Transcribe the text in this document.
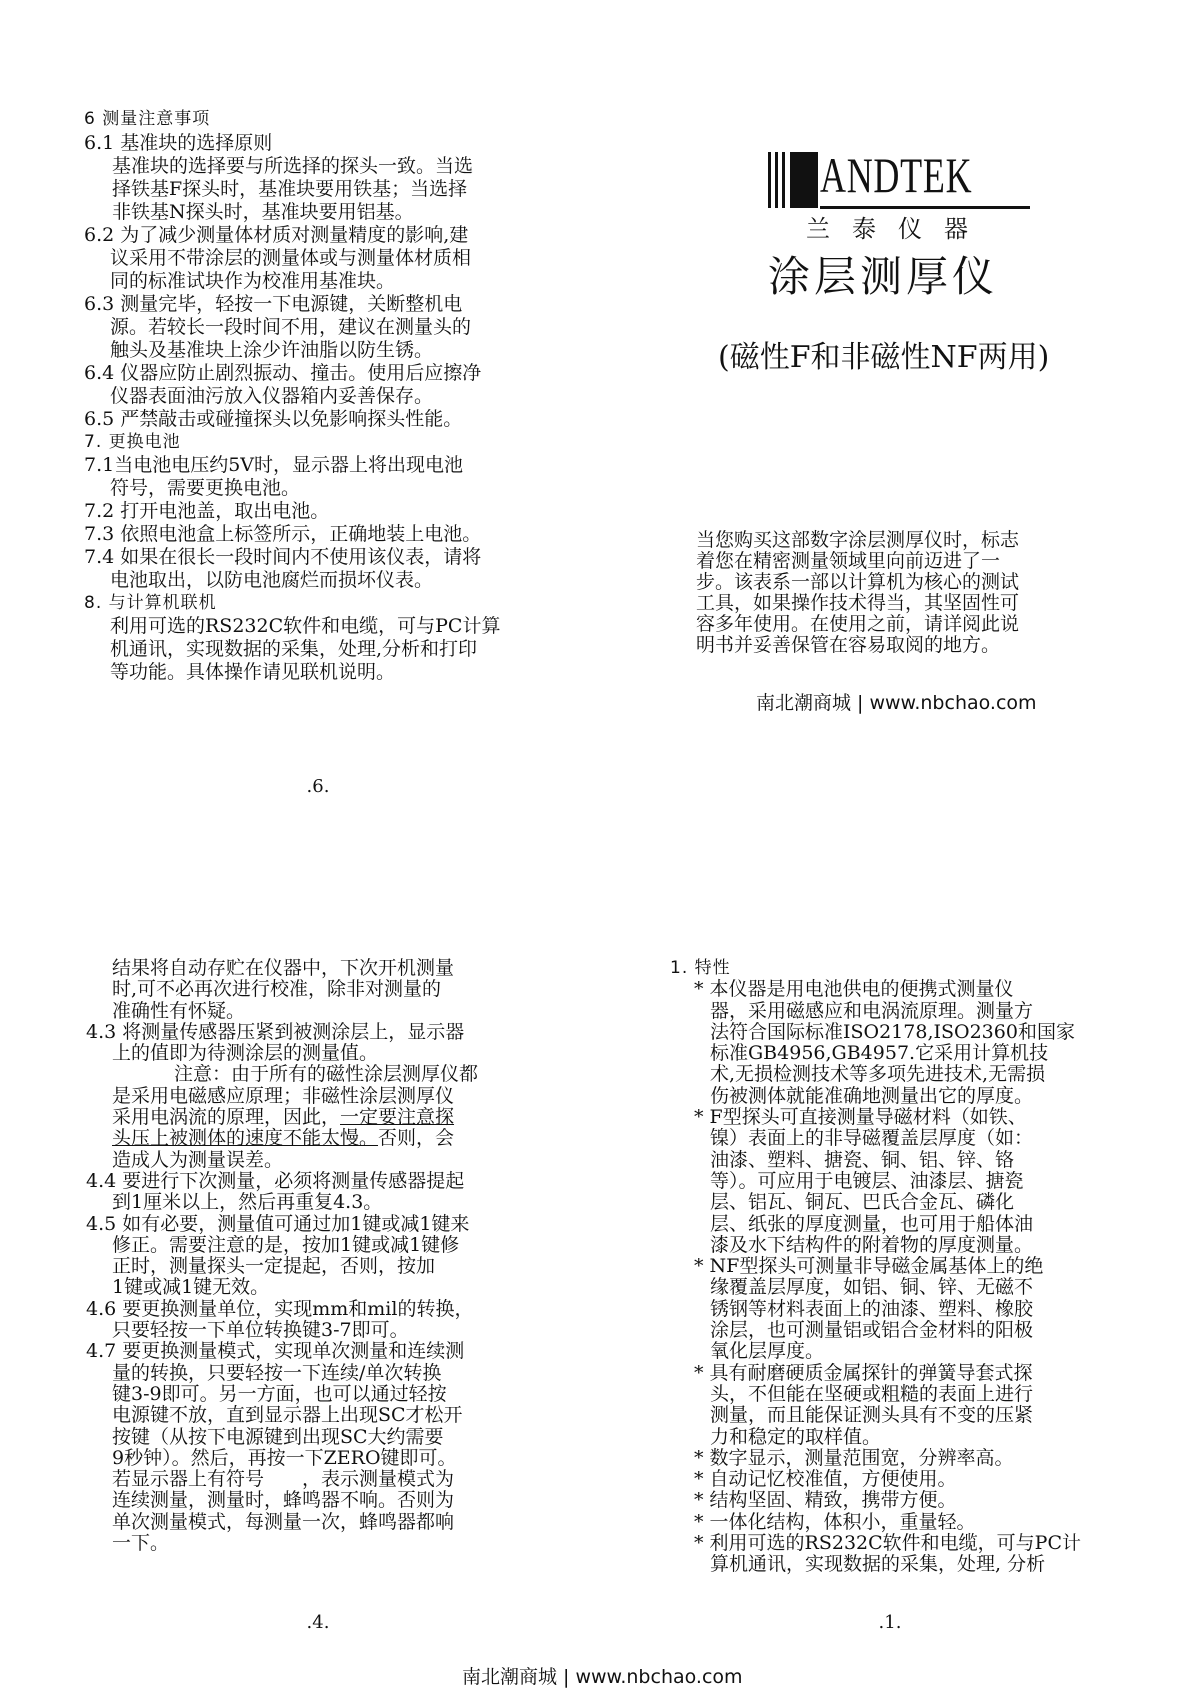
6 测量注意事项

6.1 基准块的选择原则

基准块的选择要与所选择的探头一致。当选

择铁基F探头时，基准块要用铁基；当选择

非铁基N探头时，基准块要用铝基。

6.2 为了减少测量体材质对测量精度的影响,建

议采用不带涂层的测量体或与测量体材质相

同的标准试块作为校准用基准块。

6.3 测量完毕，轻按一下电源键，关断整机电

源。若较长一段时间不用，建议在测量头的

触头及基准块上涂少许油脂以防生锈。

6.4 仪器应防止剧烈振动、撞击。使用后应擦净

仪器表面油污放入仪器箱内妥善保存。

6.5 严禁敲击或碰撞探头以免影响探头性能。

7. 更换电池

7.1当电池电压约5V时，显示器上将出现电池

符号，需要更换电池。

7.2 打开电池盖，取出电池。

7.3 依照电池盒上标签所示，正确地装上电池。

7.4 如果在很长一段时间内不使用该仪表，请将

电池取出，以防电池腐烂而损坏仪表。

8. 与计算机联机

利用可选的RS232C软件和电缆，可与PC计算

机通讯，实现数据的采集，处理,分析和打印

等功能。具体操作请见联机说明。

.6.
ANDTEK
兰泰仪器
涂层测厚仪
(磁性F和非磁性NF两用)

当您购买这部数字涂层测厚仪时，标志

着您在精密测量领域里向前迈进了一

步。该表系一部以计算机为核心的测试

工具，如果操作技术得当，其坚固性可

容多年使用。在使用之前，请详阅此说

明书并妥善保管在容易取阅的地方。

南北潮商城 | www.nbchao.com

结果将自动存贮在仪器中，下次开机测量

时,可不必再次进行校准，除非对测量的

准确性有怀疑。

4.3 将测量传感器压紧到被测涂层上，显示器

上的值即为待测涂层的测量值。

注意：由于所有的磁性涂层测厚仪都

是采用电磁感应原理；非磁性涂层测厚仪

采用电涡流的原理，因此，一定要注意探

头压上被测体的速度不能太慢。否则，会

造成人为测量误差。

4.4 要进行下次测量，必须将测量传感器提起

到1厘米以上，然后再重复4.3。

4.5 如有必要，测量值可通过加1键或减1键来

修正。需要注意的是，按加1键或减1键修

正时，测量探头一定提起，否则，按加

1键或减1键无效。

4.6 要更换测量单位，实现mm和mil的转换，

只要轻按一下单位转换键3-7即可。

4.7 要更换测量模式，实现单次测量和连续测

量的转换，只要轻按一下连续/单次转换

键3-9即可。另一方面，也可以通过轻按

电源键不放，直到显示器上出现SC才松开

按键（从按下电源键到出现SC大约需要

9秒钟）。然后，再按一下ZERO键即可。

若显示器上有符号　　，表示测量模式为

连续测量，测量时，蜂鸣器不响。否则为

单次测量模式，每测量一次，蜂鸣器都响

一下。

.4.

1. 特性

* 本仪器是用电池供电的便携式测量仪

器，采用磁感应和电涡流原理。测量方

法符合国际标准ISO2178,ISO2360和国家

标准GB4956,GB4957.它采用计算机技

术,无损检测技术等多项先进技术,无需损

伤被测体就能准确地测量出它的厚度。

* F型探头可直接测量导磁材料（如铁、

镍）表面上的非导磁覆盖层厚度（如：

油漆、塑料、搪瓷、铜、铝、锌、铬

等）。可应用于电镀层、油漆层、搪瓷

层、铝瓦、铜瓦、巴氏合金瓦、磷化

层、纸张的厚度测量，也可用于船体油

漆及水下结构件的附着物的厚度测量。

* NF型探头可测量非导磁金属基体上的绝

缘覆盖层厚度，如铝、铜、锌、无磁不

锈钢等材料表面上的油漆、塑料、橡胶

涂层，也可测量铝或铝合金材料的阳极

氧化层厚度。

* 具有耐磨硬质金属探针的弹簧导套式探

头，不但能在坚硬或粗糙的表面上进行

测量，而且能保证测头具有不变的压紧

力和稳定的取样值。

* 数字显示，测量范围宽，分辨率高。

* 自动记忆校准值，方便使用。

* 结构坚固、精致，携带方便。

* 一体化结构，体积小，重量轻。

* 利用可选的RS232C软件和电缆，可与PC计

算机通讯，实现数据的采集，处理, 分析

.1.
南北潮商城 | www.nbchao.com
